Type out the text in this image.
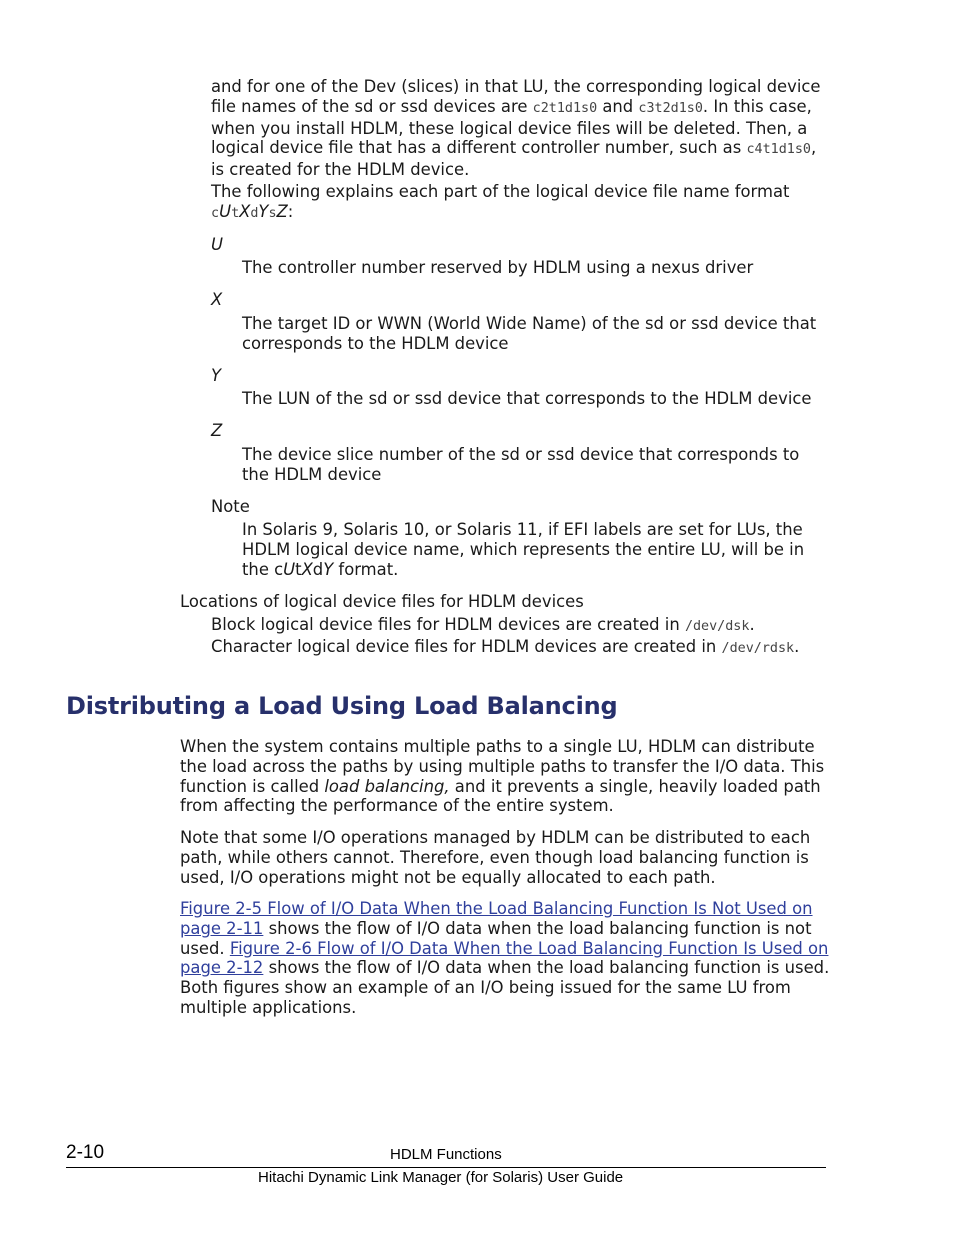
and for one of the Dev (slices) in that LU, the corresponding logical device file names of the sd or ssd devices are c2t1d1s0 and c3t2d1s0. In this case, when you install HDLM, these logical device files will be deleted. Then, a logical device file that has a different controller number, such as c4t1d1s0, is created for the HDLM device.

The following explains each part of the logical device file name format
cUtXdYsZ:

U

The controller number reserved by HDLM using a nexus driver

X

The target ID or WWN (World Wide Name) of the sd or ssd device that corresponds to the HDLM device

Y

The LUN of the sd or ssd device that corresponds to the HDLM device

Z

The device slice number of the sd or ssd device that corresponds to the HDLM device

Note

In Solaris 9, Solaris 10, or Solaris 11, if EFI labels are set for LUs, the HDLM logical device name, which represents the entire LU, will be in the cUtXdY format.

Locations of logical device files for HDLM devices

Block logical device files for HDLM devices are created in /dev/dsk.
Character logical device files for HDLM devices are created in /dev/rdsk.

Distributing a Load Using Load Balancing

When the system contains multiple paths to a single LU, HDLM can distribute the load across the paths by using multiple paths to transfer the I/O data. This function is called load balancing, and it prevents a single, heavily loaded path from affecting the performance of the entire system.

Note that some I/O operations managed by HDLM can be distributed to each path, while others cannot. Therefore, even though load balancing function is used, I/O operations might not be equally allocated to each path.

Figure 2-5 Flow of I/O Data When the Load Balancing Function Is Not Used on page 2-11 shows the flow of I/O data when the load balancing function is not used. Figure 2-6 Flow of I/O Data When the Load Balancing Function Is Used on page 2-12 shows the flow of I/O data when the load balancing function is used. Both figures show an example of an I/O being issued for the same LU from multiple applications.

2-10	HDLM Functions
Hitachi Dynamic Link Manager (for Solaris) User Guide
